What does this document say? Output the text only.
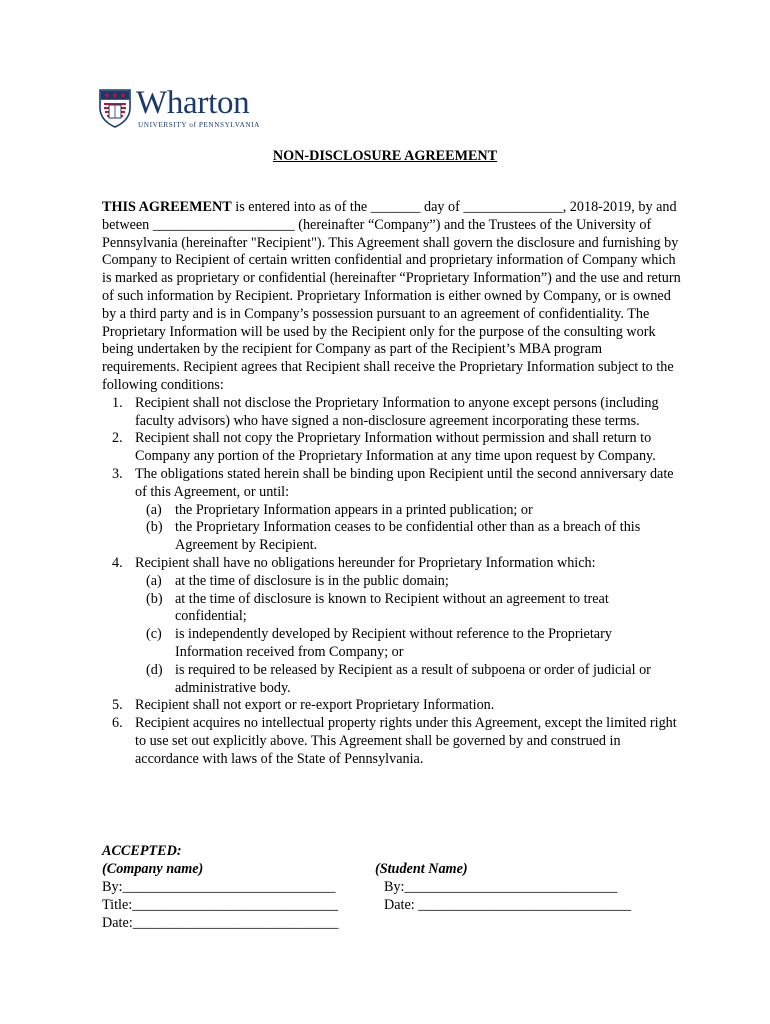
Wharton
UNIVERSITY of PENNSYLVANIA
NON-DISCLOSURE AGREEMENT

THIS AGREEMENT is entered into as of the _______ day of ______________, 2018-2019, by and between ____________________ (hereinafter “Company”) and the Trustees of the University of Pennsylvania (hereinafter "Recipient"). This Agreement shall govern the disclosure and furnishing by Company to Recipient of certain written confidential and proprietary information of Company which is marked as proprietary or confidential (hereinafter “Proprietary Information”) and the use and return of such information by Recipient. Proprietary Information is either owned by Company, or is owned by a third party and is in Company’s possession pursuant to an agreement of confidentiality. The Proprietary Information will be used by the Recipient only for the purpose of the consulting work being undertaken by the recipient for Company as part of the Recipient’s MBA program requirements. Recipient agrees that Recipient shall receive the Proprietary Information subject to the following conditions:

1. Recipient shall not disclose the Proprietary Information to anyone except persons (including faculty advisors) who have signed a non-disclosure agreement incorporating these terms.
2. Recipient shall not copy the Proprietary Information without permission and shall return to Company any portion of the Proprietary Information at any time upon request by Company.
3. The obligations stated herein shall be binding upon Recipient until the second anniversary date of this Agreement, or until:
(a) the Proprietary Information appears in a printed publication; or
(b) the Proprietary Information ceases to be confidential other than as a breach of this Agreement by Recipient.
4. Recipient shall have no obligations hereunder for Proprietary Information which:
(a) at the time of disclosure is in the public domain;
(b) at the time of disclosure is known to Recipient without an agreement to treat confidential;
(c) is independently developed by Recipient without reference to the Proprietary Information received from Company; or
(d) is required to be released by Recipient as a result of subpoena or order of judicial or administrative body.
5. Recipient shall not export or re-export Proprietary Information.
6. Recipient acquires no intellectual property rights under this Agreement, except the limited right to use set out explicitly above. This Agreement shall be governed by and construed in accordance with laws of the State of Pennsylvania.
ACCEPTED:
(Company name)	(Student Name)
By:______________________________	By:______________________________
Title:_____________________________	Date: ______________________________
Date:_____________________________
